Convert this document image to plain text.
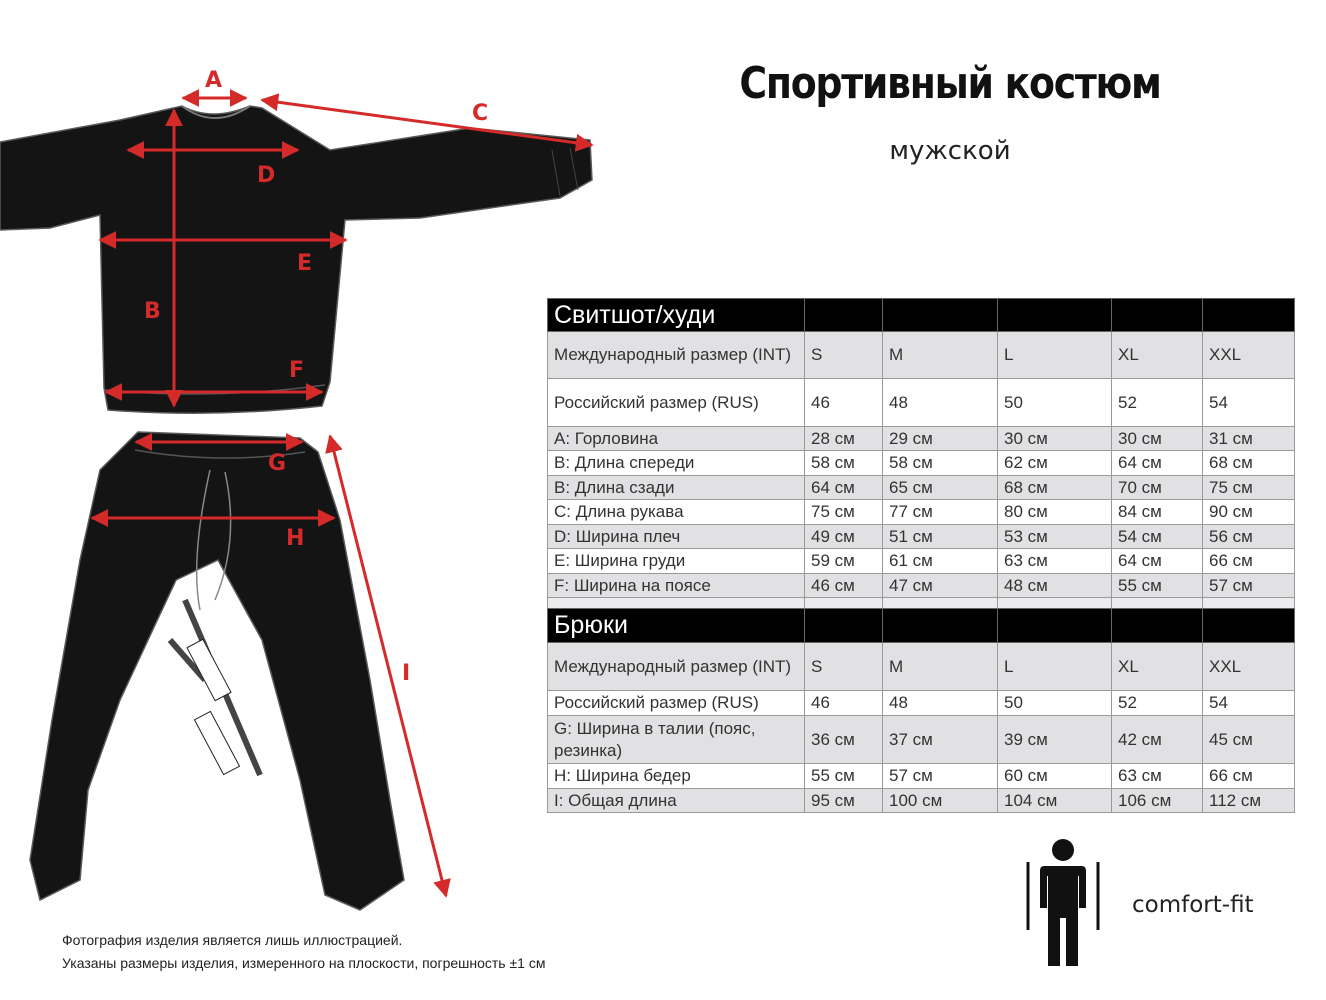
A
B
C
D
E
F
G
H
I
Спортивный костюм
мужской
Свитшот/худи					
Международный размер (INT)	S	M	L	XL	XXL
Российский размер (RUS)	46	48	50	52	54
А: Горловина	28 см	29 см	30 см	30 см	31 см
В: Длина спереди	58 см	58 см	62 см	64 см	68 см
В: Длина сзади	64 см	65 см	68 см	70 см	75 см
С: Длина рукава	75 см	77 см	80 см	84 см	90 см
D: Ширина плеч	49 см	51 см	53 см	54 см	56 см
Е: Ширина груди	59 см	61 см	63 см	64 см	66 см
F: Ширина на поясе	46 см	47 см	48 см	55 см	57 см

Брюки					
Международный размер (INT)	S	M	L	XL	XXL
Российский размер (RUS)	46	48	50	52	54
G: Ширина в талии (пояс, резинка)	36 см	37 см	39 см	42 см	45 см
Н: Ширина бедер	55 см	57 см	60 см	63 см	66 см
I: Общая длина	95 см	100 см	104 см	106 см	112 см
Фотография изделия является лишь иллюстрацией.
Указаны размеры изделия, измеренного на плоскости, погрешность ±1 см
comfort-fit
